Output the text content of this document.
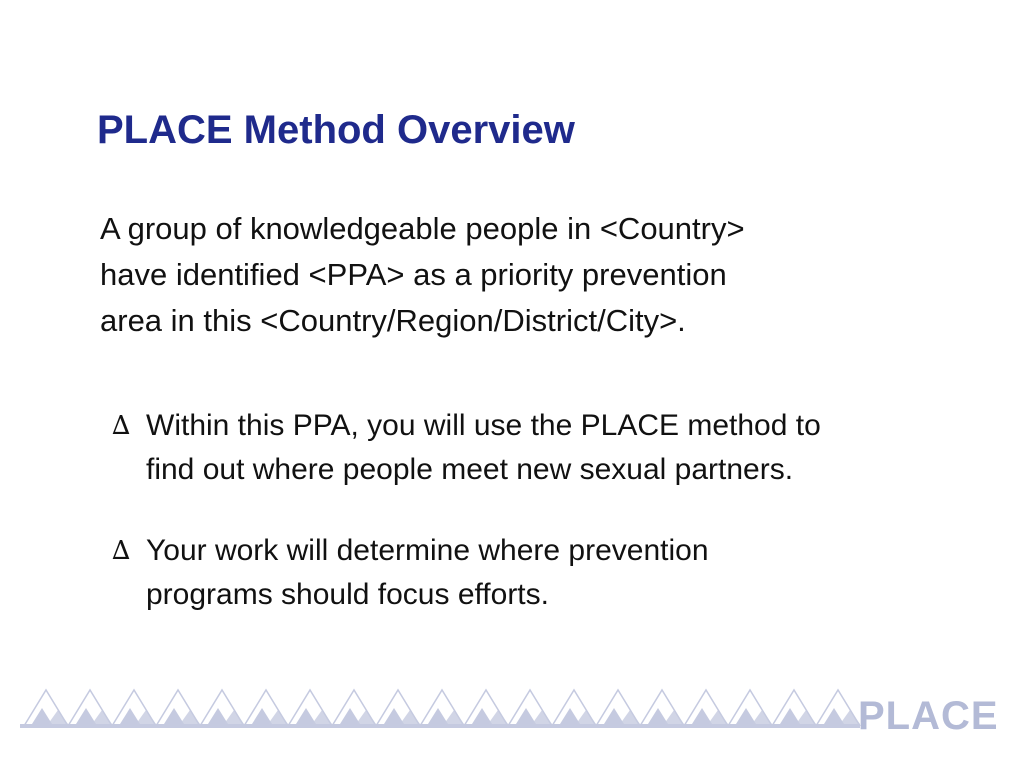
PLACE Method Overview

A group of knowledgeable people in <Country>
have identified <PPA> as a priority prevention
area in this <Country/Region/District/City>.

∆ Within this PPA, you will use the PLACE method to
find out where people meet new sexual partners.
∆ Your work will determine where prevention
programs should focus efforts.
PLACE
